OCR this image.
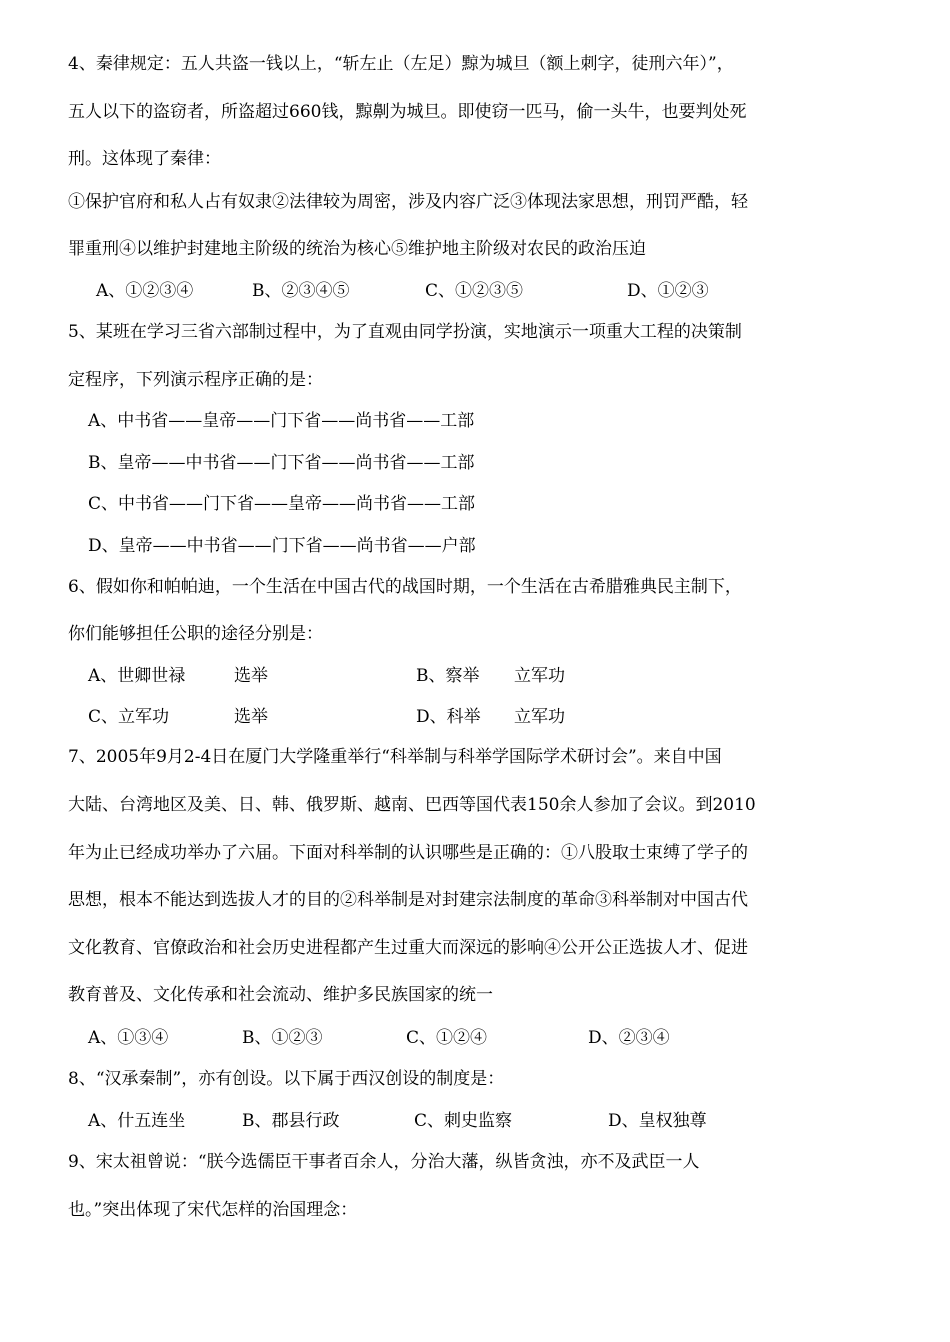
4、秦律规定：五人共盗一钱以上，“斩左止（左足）黥为城旦（额上刺字，徒刑六年）”，
五人以下的盗窃者，所盗超过660钱，黥劓为城旦。即使窃一匹马，偷一头牛，也要判处死
刑。这体现了秦律：
①保护官府和私人占有奴隶②法律较为周密，涉及内容广泛③体现法家思想，刑罚严酷，轻
罪重刑④以维护封建地主阶级的统治为核心⑤维护地主阶级对农民的政治压迫
A、①②③④	B、②③④⑤	C、①②③⑤	D、①②③
5、某班在学习三省六部制过程中，为了直观由同学扮演，实地演示一项重大工程的决策制
定程序，下列演示程序正确的是：
A、中书省——皇帝——门下省——尚书省——工部
B、皇帝——中书省——门下省——尚书省——工部
C、中书省——门下省——皇帝——尚书省——工部
D、皇帝——中书省——门下省——尚书省——户部
6、假如你和帕帕迪，一个生活在中国古代的战国时期，一个生活在古希腊雅典民主制下，
你们能够担任公职的途径分别是：
A、世卿世禄	选举	B、察举 立军功
C、立军功	选举	D、科举 立军功
7、2005年9月2-4日在厦门大学隆重举行“科举制与科举学国际学术研讨会”。来自中国
大陆、台湾地区及美、日、韩、俄罗斯、越南、巴西等国代表150余人参加了会议。到2010
年为止已经成功举办了六届。下面对科举制的认识哪些是正确的：①八股取士束缚了学子的
思想，根本不能达到选拔人才的目的②科举制是对封建宗法制度的革命③科举制对中国古代
文化教育、官僚政治和社会历史进程都产生过重大而深远的影响④公开公正选拔人才、促进
教育普及、文化传承和社会流动、维护多民族国家的统一
A、①③④	B、①②③	C、①②④	D、②③④
8、“汉承秦制”，亦有创设。以下属于西汉创设的制度是：
A、什五连坐	B、郡县行政	C、刺史监察	D、皇权独尊
9、宋太祖曾说：“朕今选儒臣干事者百余人，分治大藩，纵皆贪浊，亦不及武臣一人
也。”突出体现了宋代怎样的治国理念：
